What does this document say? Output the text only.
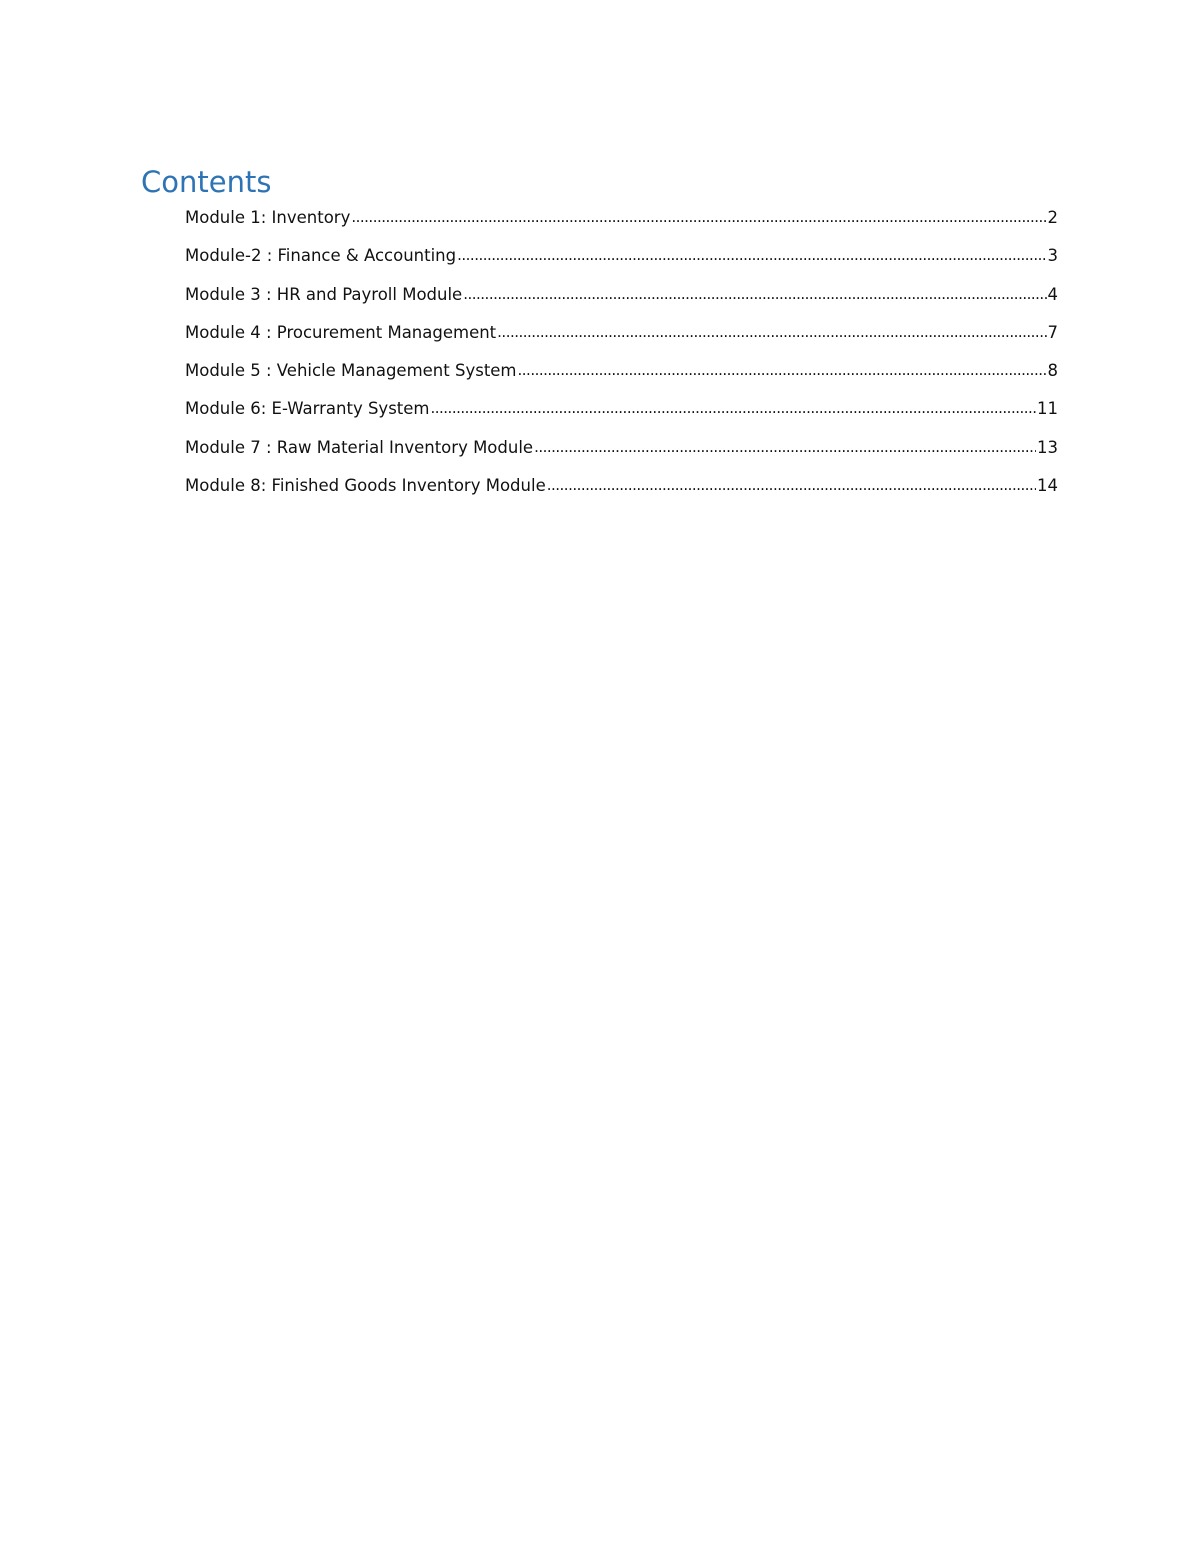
Contents
Module 1: Inventory .....	2
Module-2 : Finance & Accounting .....	3
Module 3 : HR and Payroll Module .....	4
Module 4 : Procurement Management .....	7
Module 5 : Vehicle Management System .....	8
Module 6: E-Warranty System .....	11
Module 7 : Raw Material Inventory Module .....	13
Module 8: Finished Goods Inventory Module .....	14
